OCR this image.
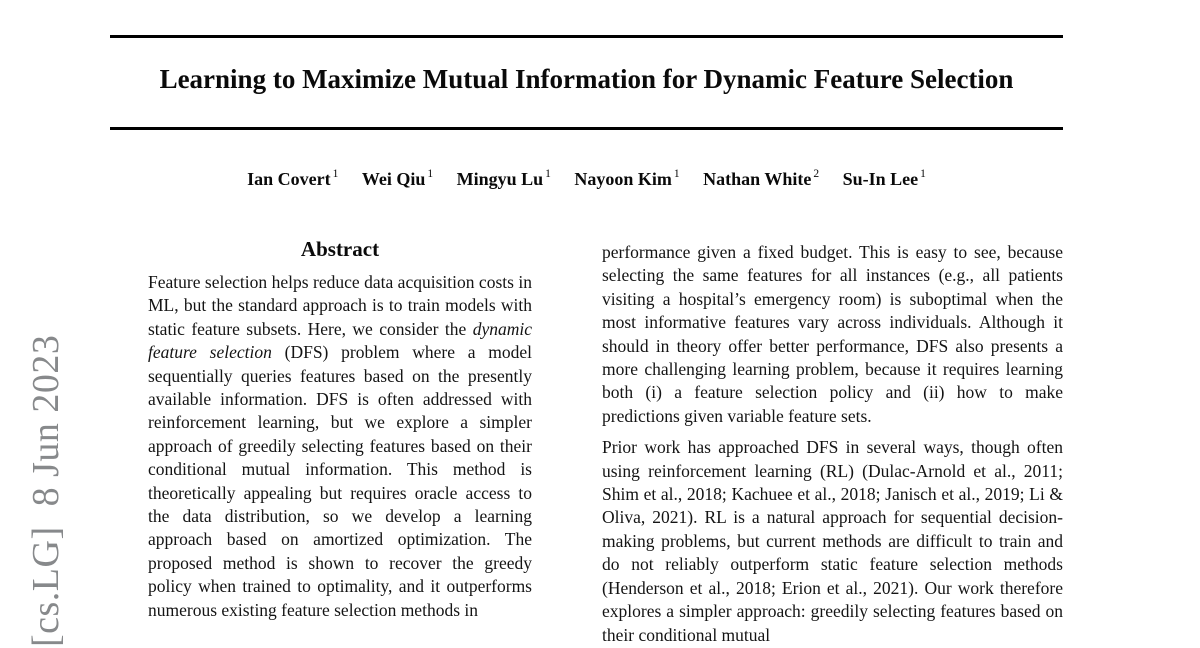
[cs.LG]  8 Jun 2023
Learning to Maximize Mutual Information for Dynamic Feature Selection
Ian Covert $^1$ Wei Qiu $^1$ Mingyu Lu $^1$ Nayoon Kim $^1$ Nathan White $^2$ Su-In Lee $^1$
Abstract

Feature selection helps reduce data acquisition costs in ML, but the standard approach is to train models with static feature subsets. Here, we consider the dynamic feature selection (DFS) problem where a model sequentially queries features based on the presently available information. DFS is often addressed with reinforcement learning, but we explore a simpler approach of greedily selecting features based on their conditional mutual information. This method is theoretically appealing but requires oracle access to the data distribution, so we develop a learning approach based on amortized optimization. The proposed method is shown to recover the greedy policy when trained to optimality, and it outperforms numerous existing feature selection methods in

performance given a fixed budget. This is easy to see, because selecting the same features for all instances (e.g., all patients visiting a hospital’s emergency room) is suboptimal when the most informative features vary across individuals. Although it should in theory offer better performance, DFS also presents a more challenging learning problem, because it requires learning both (i) a feature selection policy and (ii) how to make predictions given variable feature sets.

Prior work has approached DFS in several ways, though often using reinforcement learning (RL) (Dulac-Arnold et al., 2011; Shim et al., 2018; Kachuee et al., 2018; Janisch et al., 2019; Li & Oliva, 2021). RL is a natural approach for sequential decision-making problems, but current methods are difficult to train and do not reliably outperform static feature selection methods (Henderson et al., 2018; Erion et al., 2021). Our work therefore explores a simpler approach: greedily selecting features based on their conditional mutual
